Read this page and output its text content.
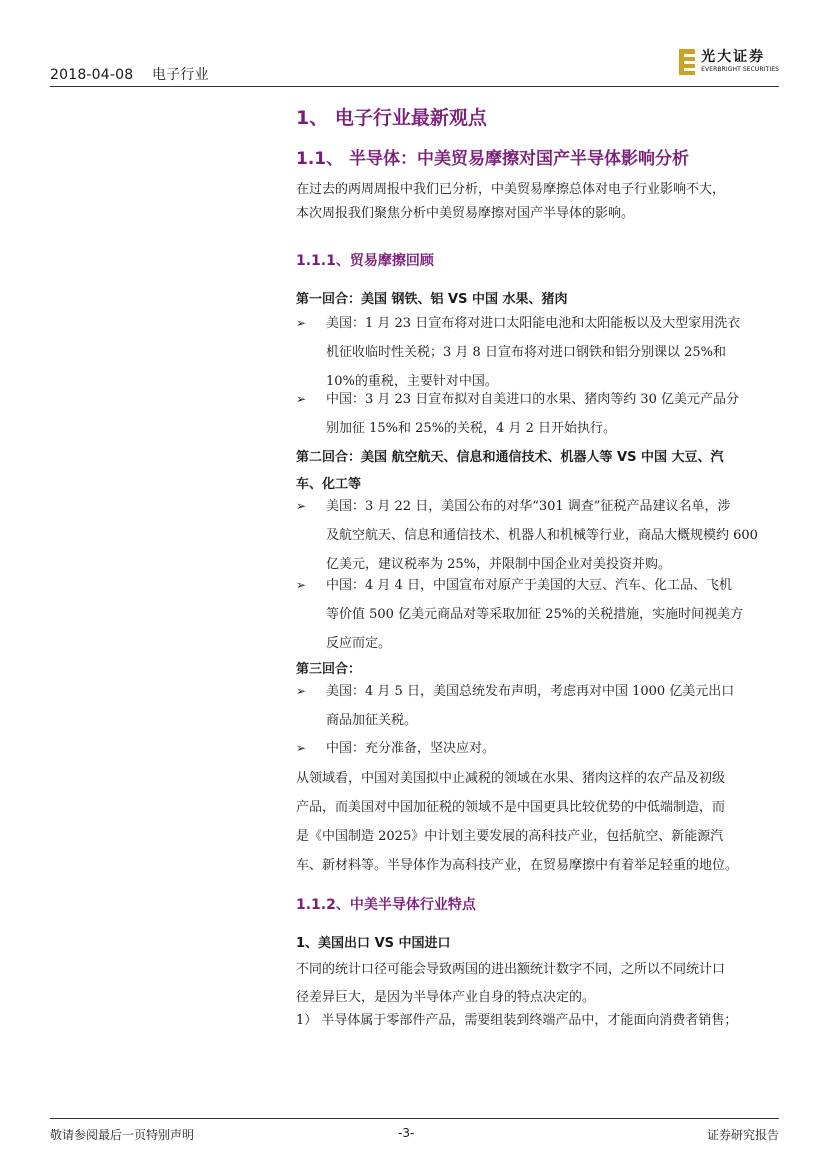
2018-04-08 电子行业
光大证券
EVERBRIGHT SECURITIES
1、 电子行业最新观点
1.1、 半导体：中美贸易摩擦对国产半导体影响分析
在过去的两周周报中我们已分析，中美贸易摩擦总体对电子行业影响不大，
本次周报我们聚焦分析中美贸易摩擦对国产半导体的影响。
1.1.1、贸易摩擦回顾
第一回合：美国 钢铁、铝 VS 中国 水果、猪肉
➢	美国：1 月 23 日宣布将对进口太阳能电池和太阳能板以及大型家用洗衣
机征收临时性关税；3 月 8 日宣布将对进口钢铁和铝分别课以 25%和
10%的重税，主要针对中国。
➢	中国：3 月 23 日宣布拟对自美进口的水果、猪肉等约 30 亿美元产品分
别加征 15%和 25%的关税，4 月 2 日开始执行。
第二回合：美国 航空航天、信息和通信技术、机器人等 VS 中国 大豆、汽
车、化工等
➢	美国：3 月 22 日，美国公布的对华“301 调查”征税产品建议名单，涉
及航空航天、信息和通信技术、机器人和机械等行业，商品大概规模约 600
亿美元，建议税率为 25%，并限制中国企业对美投资并购。
➢	中国：4 月 4 日，中国宣布对原产于美国的大豆、汽车、化工品、飞机
等价值 500 亿美元商品对等采取加征 25%的关税措施，实施时间视美方
反应而定。
第三回合：
➢	美国：4 月 5 日，美国总统发布声明，考虑再对中国 1000 亿美元出口
商品加征关税。
➢	中国：充分准备，坚决应对。
从领域看，中国对美国拟中止减税的领域在水果、猪肉这样的农产品及初级
产品，而美国对中国加征税的领域不是中国更具比较优势的中低端制造，而
是《中国制造 2025》中计划主要发展的高科技产业，包括航空、新能源汽
车、新材料等。半导体作为高科技产业，在贸易摩擦中有着举足轻重的地位。
1.1.2、中美半导体行业特点
1、美国出口 VS 中国进口
不同的统计口径可能会导致两国的进出额统计数字不同，之所以不同统计口
径差异巨大，是因为半导体产业自身的特点决定的。
1） 半导体属于零部件产品，需要组装到终端产品中，才能面向消费者销售；
敬请参阅最后一页特别声明	-3-	证券研究报告
